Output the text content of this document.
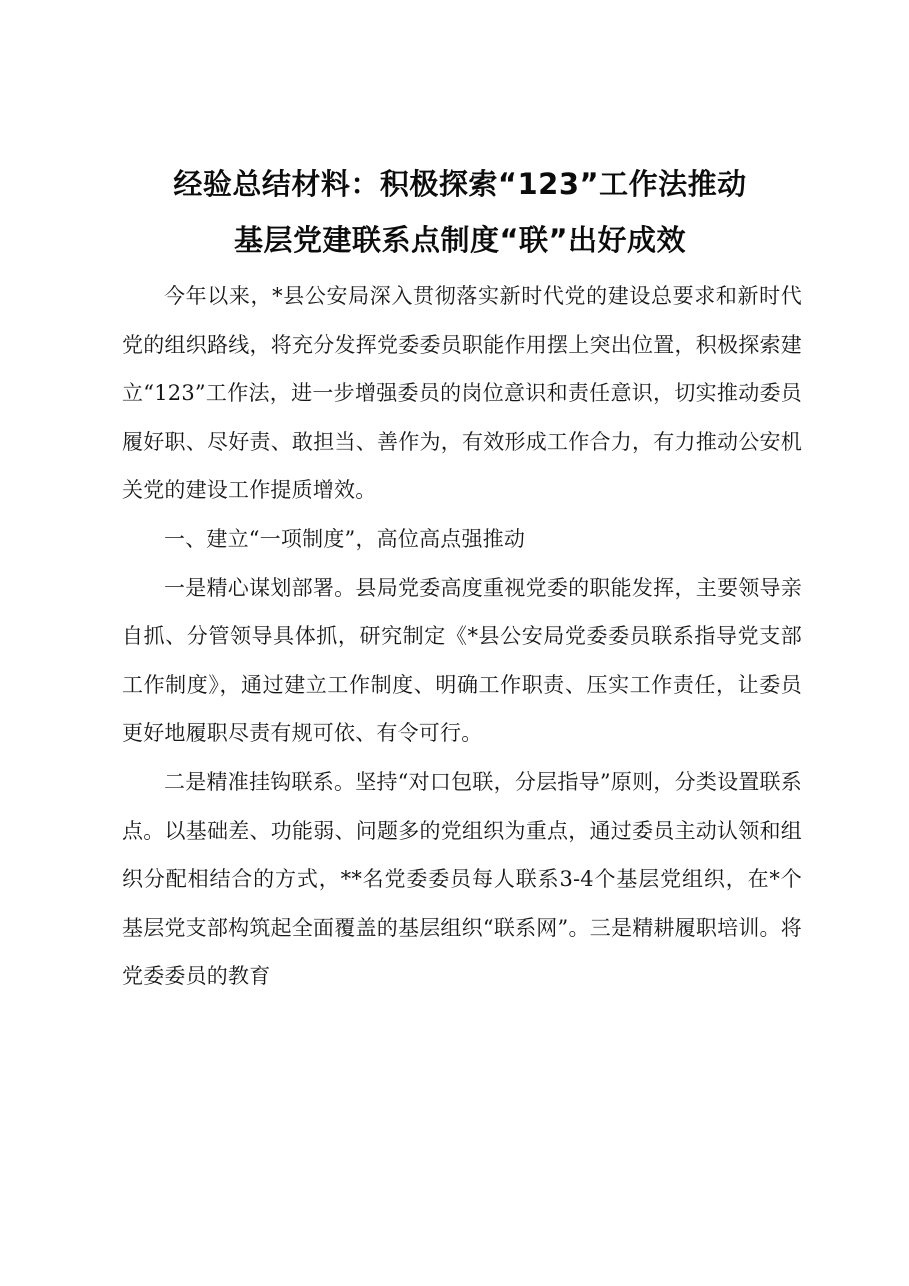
经验总结材料：积极探索“123”工作法推动
基层党建联系点制度“联”出好成效

今年以来，*县公安局深入贯彻落实新时代党的建设总要求和新时代党的组织路线，将充分发挥党委委员职能作用摆上突出位置，积极探索建立“123”工作法，进一步增强委员的岗位意识和责任意识，切实推动委员履好职、尽好责、敢担当、善作为，有效形成工作合力，有力推动公安机关党的建设工作提质增效。

一、建立“一项制度”，高位高点强推动

一是精心谋划部署。县局党委高度重视党委的职能发挥，主要领导亲自抓、分管领导具体抓，研究制定《*县公安局党委委员联系指导党支部工作制度》，通过建立工作制度、明确工作职责、压实工作责任，让委员更好地履职尽责有规可依、有令可行。

二是精准挂钩联系。坚持“对口包联，分层指导”原则，分类设置联系点。以基础差、功能弱、问题多的党组织为重点，通过委员主动认领和组织分配相结合的方式，**名党委委员每人联系3-4个基层党组织，在*个基层党支部构筑起全面覆盖的基层组织“联系网”。三是精耕履职培训。将党委委员的教育
